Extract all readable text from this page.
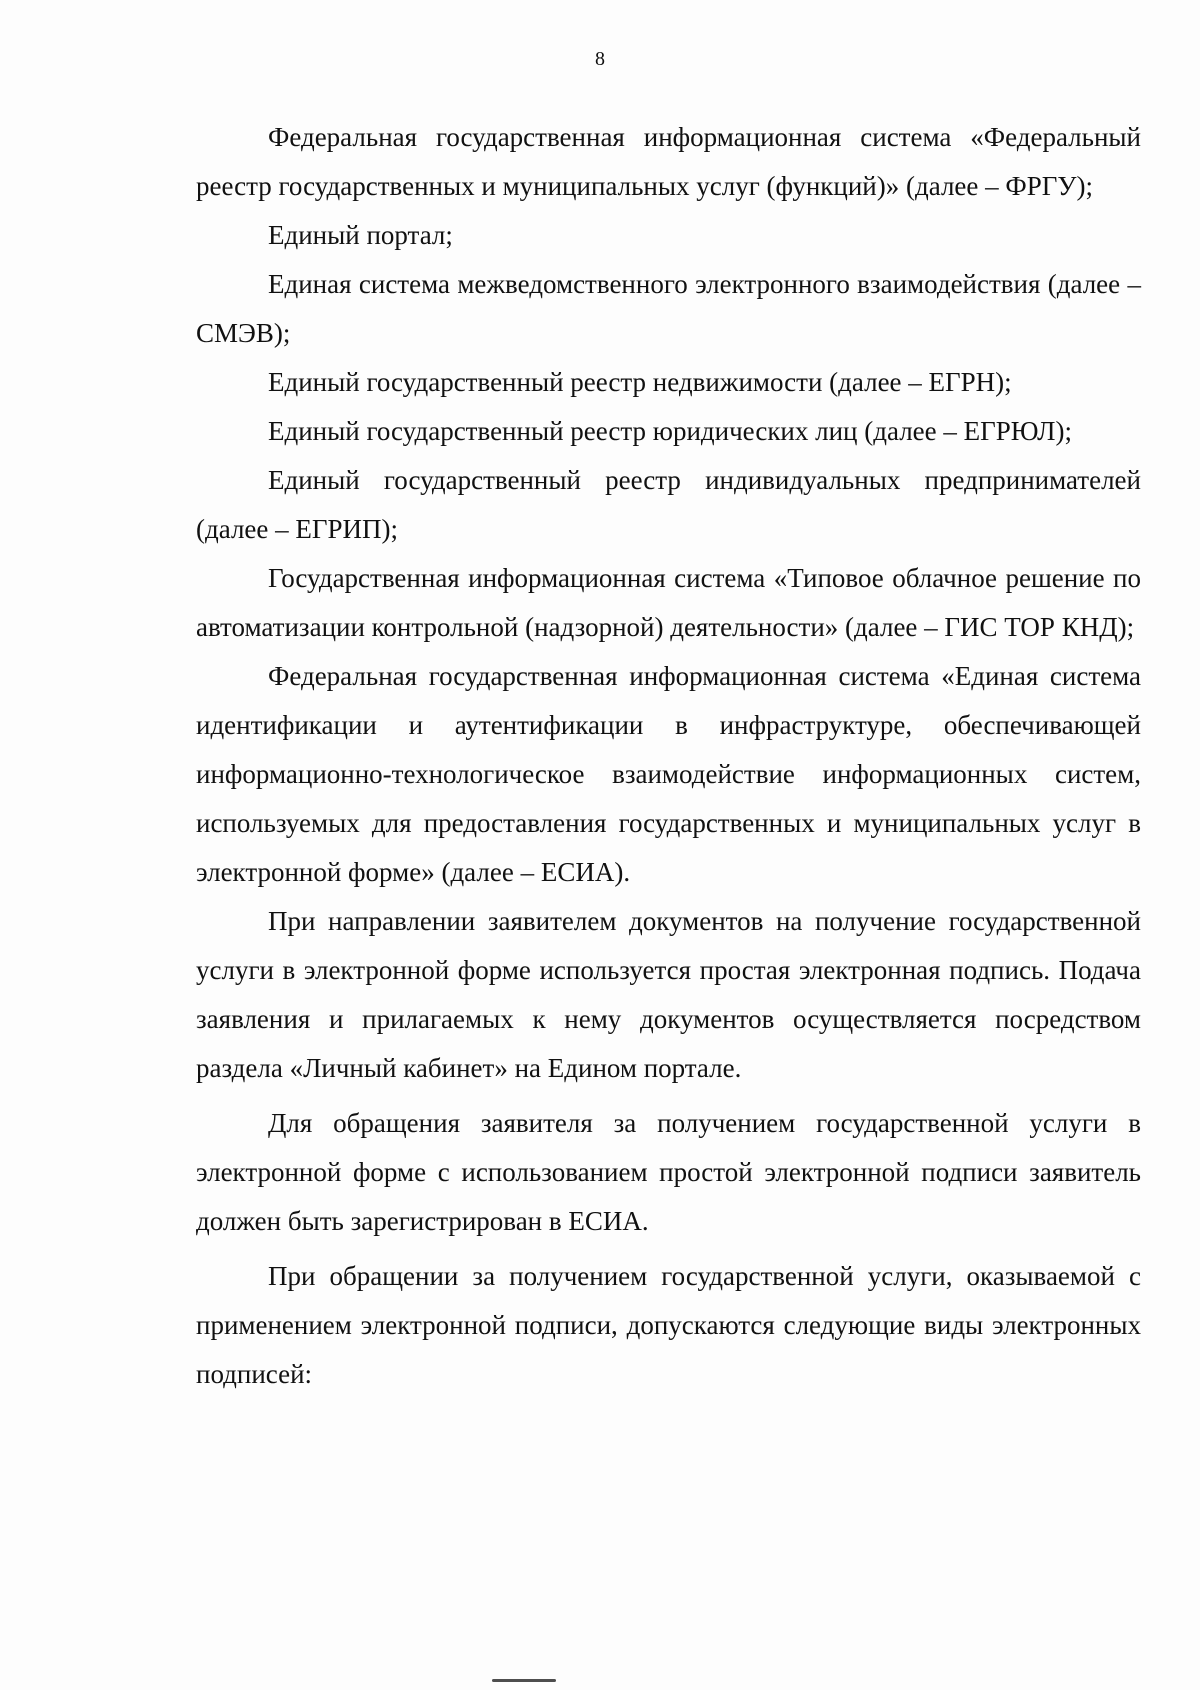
8

Федеральная государственная информационная система «Федеральный реестр государственных и муниципальных услуг (функций)» (далее – ФРГУ);

Единый портал;

Единая система межведомственного электронного взаимодействия (далее – СМЭВ);

Единый государственный реестр недвижимости (далее – ЕГРН);

Единый государственный реестр юридических лиц (далее – ЕГРЮЛ);

Единый государственный реестр индивидуальных предпринимателей (далее – ЕГРИП);

Государственная информационная система «Типовое облачное решение по автоматизации контрольной (надзорной) деятельности» (далее – ГИС ТОР КНД);

Федеральная государственная информационная система «Единая система идентификации и аутентификации в инфраструктуре, обеспечивающей информационно-технологическое взаимодействие информационных систем, используемых для предоставления государственных и муниципальных услуг в электронной форме» (далее – ЕСИА).

При направлении заявителем документов на получение государственной услуги в электронной форме используется простая электронная подпись. Подача заявления и прилагаемых к нему документов осуществляется посредством раздела «Личный кабинет» на Едином портале.

Для обращения заявителя за получением государственной услуги в электронной форме с использованием простой электронной подписи заявитель должен быть зарегистрирован в ЕСИА.

При обращении за получением государственной услуги, оказываемой с применением электронной подписи, допускаются следующие виды электронных подписей:
